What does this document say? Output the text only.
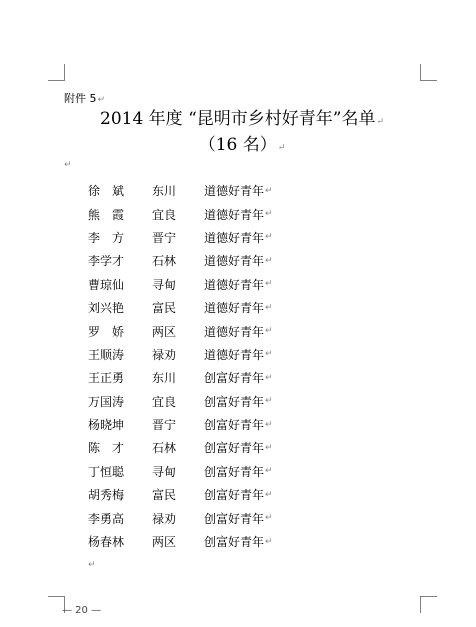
附件 5↵
2014 年度 “昆明市乡村好青年”名单↵
（16 名）↵
↵
徐斌	东川	道德好青年 ↵
熊霞	宜良	道德好青年 ↵
李方	晋宁	道德好青年 ↵
李学才	石林	道德好青年 ↵
曹琼仙	寻甸	道德好青年 ↵
刘兴艳	富民	道德好青年 ↵
罗娇	两区	道德好青年 ↵
王顺涛	禄劝	道德好青年 ↵
王正勇	东川	创富好青年 ↵
万国涛	宜良	创富好青年 ↵
杨晓坤	晋宁	创富好青年 ↵
陈才	石林	创富好青年 ↵
丁恒聪	寻甸	创富好青年 ↵
胡秀梅	富民	创富好青年 ↵
李勇高	禄劝	创富好青年 ↵
杨春林	两区	创富好青年 ↵
↵
— 20 —
